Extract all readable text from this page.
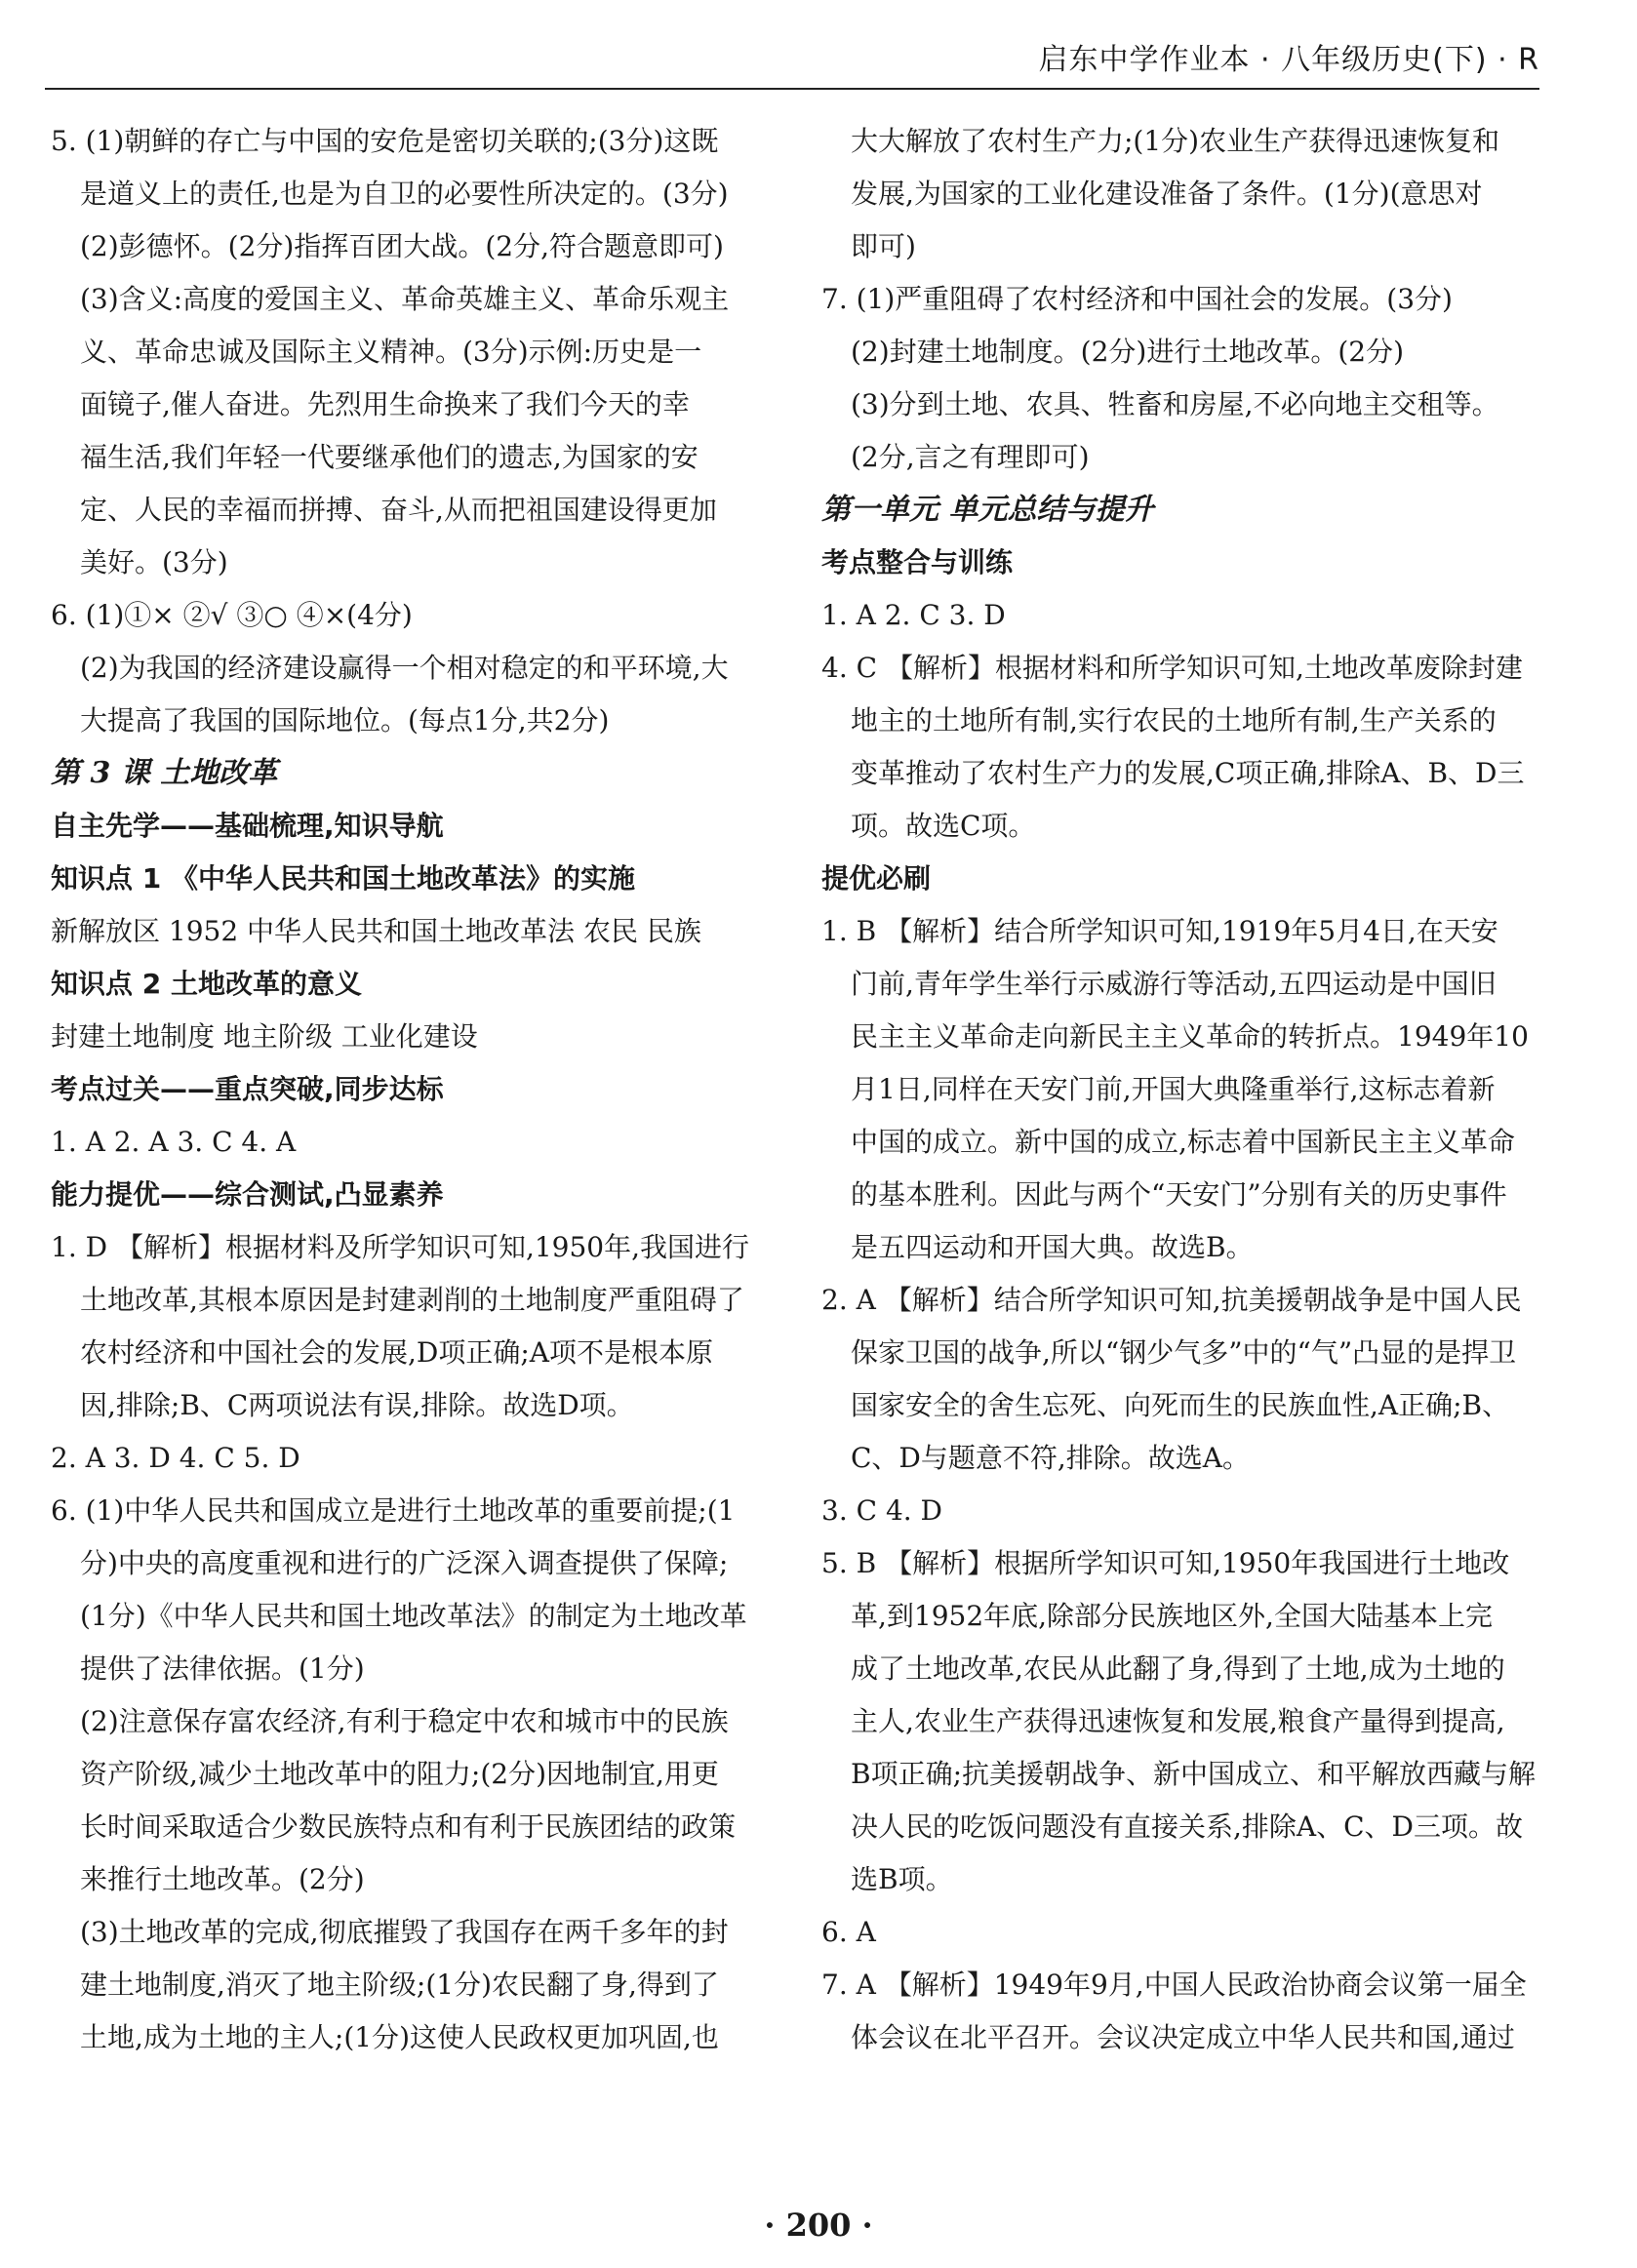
启东中学作业本 · 八年级历史(下) · R
5. (1)朝鲜的存亡与中国的安危是密切关联的;(3分)这既
是道义上的责任,也是为自卫的必要性所决定的。(3分)
(2)彭德怀。(2分)指挥百团大战。(2分,符合题意即可)
(3)含义:高度的爱国主义、革命英雄主义、革命乐观主
义、革命忠诚及国际主义精神。(3分)示例:历史是一
面镜子,催人奋进。先烈用生命换来了我们今天的幸
福生活,我们年轻一代要继承他们的遗志,为国家的安
定、人民的幸福而拼搏、奋斗,从而把祖国建设得更加
美好。(3分)
6. (1)①× ②√ ③○ ④×(4分)
(2)为我国的经济建设赢得一个相对稳定的和平环境,大
大提高了我国的国际地位。(每点1分,共2分)
第 3 课 土地改革
自主先学——基础梳理,知识导航
知识点 1 《中华人民共和国土地改革法》的实施
新解放区 1952 中华人民共和国土地改革法 农民 民族
知识点 2 土地改革的意义
封建土地制度 地主阶级 工业化建设
考点过关——重点突破,同步达标
1. A 2. A 3. C 4. A
能力提优——综合测试,凸显素养
1. D 【解析】根据材料及所学知识可知,1950年,我国进行
土地改革,其根本原因是封建剥削的土地制度严重阻碍了
农村经济和中国社会的发展,D项正确;A项不是根本原
因,排除;B、C两项说法有误,排除。故选D项。
2. A 3. D 4. C 5. D
6. (1)中华人民共和国成立是进行土地改革的重要前提;(1
分)中央的高度重视和进行的广泛深入调查提供了保障;
(1分)《中华人民共和国土地改革法》的制定为土地改革
提供了法律依据。(1分)
(2)注意保存富农经济,有利于稳定中农和城市中的民族
资产阶级,减少土地改革中的阻力;(2分)因地制宜,用更
长时间采取适合少数民族特点和有利于民族团结的政策
来推行土地改革。(2分)
(3)土地改革的完成,彻底摧毁了我国存在两千多年的封
建土地制度,消灭了地主阶级;(1分)农民翻了身,得到了
土地,成为土地的主人;(1分)这使人民政权更加巩固,也
大大解放了农村生产力;(1分)农业生产获得迅速恢复和
发展,为国家的工业化建设准备了条件。(1分)(意思对
即可)
7. (1)严重阻碍了农村经济和中国社会的发展。(3分)
(2)封建土地制度。(2分)进行土地改革。(2分)
(3)分到土地、农具、牲畜和房屋,不必向地主交租等。
(2分,言之有理即可)
第一单元 单元总结与提升
考点整合与训练
1. A 2. C 3. D
4. C 【解析】根据材料和所学知识可知,土地改革废除封建
地主的土地所有制,实行农民的土地所有制,生产关系的
变革推动了农村生产力的发展,C项正确,排除A、B、D三
项。故选C项。
提优必刷
1. B 【解析】结合所学知识可知,1919年5月4日,在天安
门前,青年学生举行示威游行等活动,五四运动是中国旧
民主主义革命走向新民主主义革命的转折点。1949年10
月1日,同样在天安门前,开国大典隆重举行,这标志着新
中国的成立。新中国的成立,标志着中国新民主主义革命
的基本胜利。因此与两个“天安门”分别有关的历史事件
是五四运动和开国大典。故选B。
2. A 【解析】结合所学知识可知,抗美援朝战争是中国人民
保家卫国的战争,所以“钢少气多”中的“气”凸显的是捍卫
国家安全的舍生忘死、向死而生的民族血性,A正确;B、
C、D与题意不符,排除。故选A。
3. C 4. D
5. B 【解析】根据所学知识可知,1950年我国进行土地改
革,到1952年底,除部分民族地区外,全国大陆基本上完
成了土地改革,农民从此翻了身,得到了土地,成为土地的
主人,农业生产获得迅速恢复和发展,粮食产量得到提高,
B项正确;抗美援朝战争、新中国成立、和平解放西藏与解
决人民的吃饭问题没有直接关系,排除A、C、D三项。故
选B项。
6. A
7. A 【解析】1949年9月,中国人民政治协商会议第一届全
体会议在北平召开。会议决定成立中华人民共和国,通过
· 200 ·
